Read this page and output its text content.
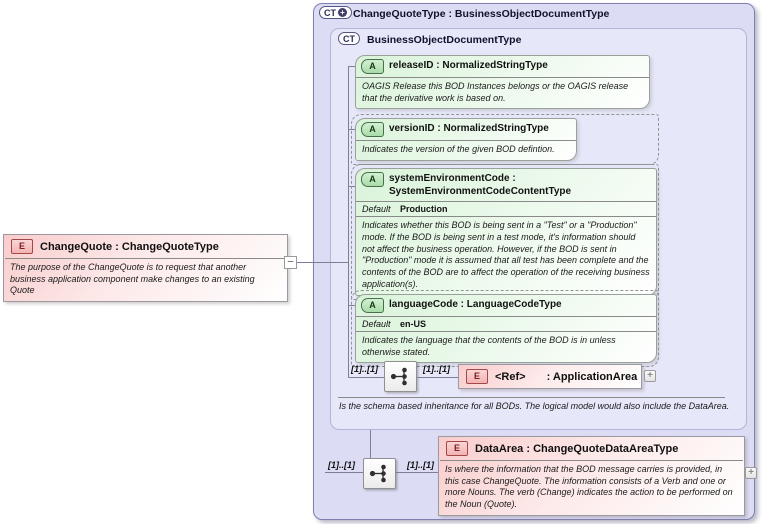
CT + ChangeQuoteType : BusinessObjectDocumentType
CT BusinessObjectDocumentType
A	releaseID : NormalizedStringType
OAGIS Release this BOD Instances belongs or the OAGIS release that the derivative work is based on.
A	versionID : NormalizedStringType
Indicates the version of the given BOD defintion.
A	systemEnvironmentCode : SystemEnvironmentCodeContentType
Default	Production
Indicates whether this BOD is being sent in a "Test" or a "Production" mode. If the BOD is being sent in a test mode, it's information should not affect the business operation. However, if the BOD is sent in "Production" mode it is assumed that all test has been complete and the contents of the BOD are to affect the operation of the receiving business application(s).
A	languageCode : LanguageCodeType
Default	en-US
Indicates the language that the contents of the BOD is in unless otherwise stated.
[1]..[1]	[1]..[1]
E	<Ref> : ApplicationArea +
Is the schema based inheritance for all BODs. The logical model would also include the DataArea.
[1]..[1]	[1]..[1]
E	DataArea : ChangeQuoteDataAreaType
Is where the information that the BOD message carries is provided, in this case ChangeQuote. The information consists of a Verb and one or more Nouns. The verb (Change) indicates the action to be performed on the Noun (Quote).
+
E	ChangeQuote : ChangeQuoteType
The purpose of the ChangeQuote is to request that another business application component make changes to an existing Quote
−
